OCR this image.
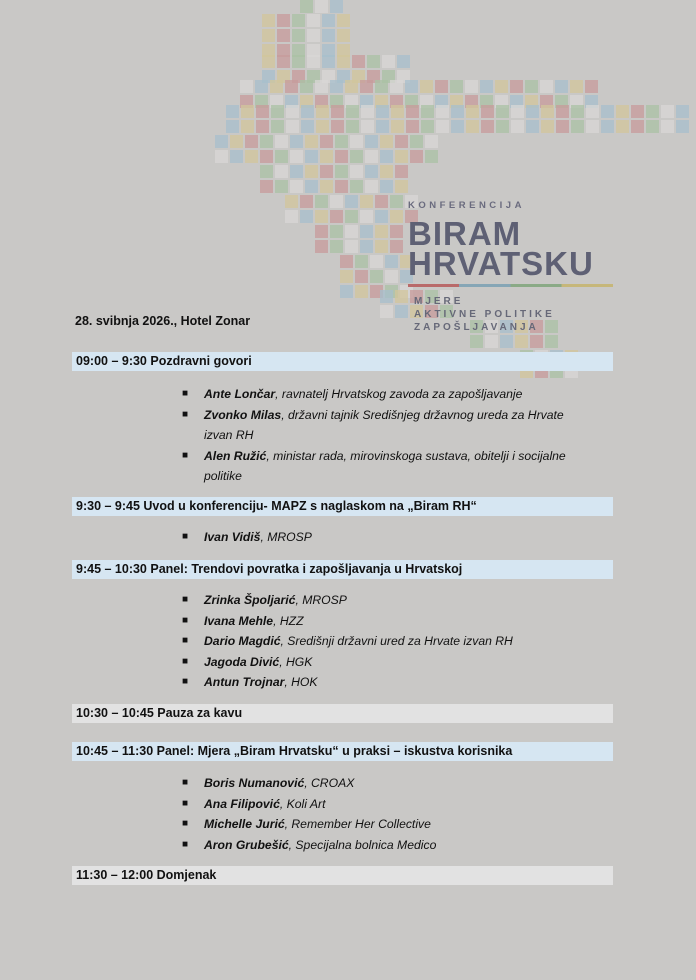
KONFERENCIJA
BIRAM
HRVATSKU
MJERE
AKTIVNE POLITIKE
ZAPOŠLJAVANJA
28. svibnja 2026., Hotel Zonar
09:00 – 9:30 Pozdravni govori
■ Ante Lončar, ravnatelj Hrvatskog zavoda za zapošljavanje
■ Zvonko Milas, državni tajnik Središnjeg državnog ureda za Hrvate
izvan RH
■ Alen Ružić, ministar rada, mirovinskoga sustava, obitelji i socijalne
politike
9:30 – 9:45 Uvod u konferenciju- MAPZ s naglaskom na „Biram RH“
■ Ivan Vidiš, MROSP
9:45 – 10:30 Panel: Trendovi povratka i zapošljavanja u Hrvatskoj
■ Zrinka Špoljarić, MROSP
■ Ivana Mehle, HZZ
■ Dario Magdić, Središnji državni ured za Hrvate izvan RH
■ Jagoda Divić, HGK
■ Antun Trojnar, HOK
10:30 – 10:45 Pauza za kavu
10:45 – 11:30 Panel: Mjera „Biram Hrvatsku“ u praksi – iskustva korisnika
■ Boris Numanović, CROAX
■ Ana Filipović, Koli Art
■ Michelle Jurić, Remember Her Collective
■ Aron Grubešić, Specijalna bolnica Medico
11:30 – 12:00 Domjenak
